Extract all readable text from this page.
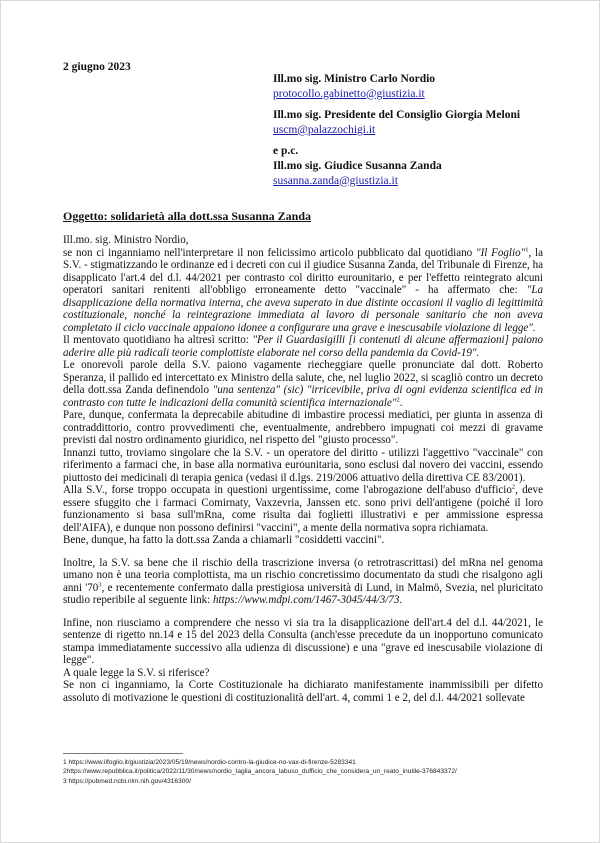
2 giugno 2023
Ill.mo sig. Ministro Carlo Nordio
protocollo.gabinetto@giustizia.it
Ill.mo sig. Presidente del Consiglio Giorgia Meloni
uscm@palazzochigi.it
e p.c.
Ill.mo sig. Giudice Susanna Zanda
susanna.zanda@giustizia.it
Oggetto: solidarietà alla dott.ssa Susanna Zanda

Ill.mo. sig. Ministro Nordio,

se non ci inganniamo nell'interpretare il non felicissimo articolo pubblicato dal quotidiano "Il Foglio"$^1$, la S.V. - stigmatizzando le ordinanze ed i decreti con cui il giudice Susanna Zanda, del Tribunale di Firenze, ha disapplicato l'art.4 del d.l. 44/2021 per contrasto col diritto eurounitario, e per l'effetto reintegrato alcuni operatori sanitari renitenti all'obbligo erroneamente detto "vaccinale" - ha affermato che: "La disapplicazione della normativa interna, che aveva superato in due distinte occasioni il vaglio di legittimità costituzionale, nonché la reintegrazione immediata al lavoro di personale sanitario che non aveva completato il ciclo vaccinale appaiono idonee a configurare una grave e inescusabile violazione di legge".

Il mentovato quotidiano ha altresì scritto: "Per il Guardasigilli [i contenuti di alcune affermazioni] paiono aderire alle più radicali teorie complottiste elaborate nel corso della pandemia da Covid-19".

Le onorevoli parole della S.V. paiono vagamente riecheggiare quelle pronunciate dal dott. Roberto Speranza, il pallido ed intercettato ex Ministro della salute, che, nel luglio 2022, si scagliò contro un decreto della dott.ssa Zanda definendolo "una sentenza" (sic) "irricevibile, priva di ogni evidenza scientifica ed in contrasto con tutte le indicazioni della comunità scientifica internazionale"$^2$.

Pare, dunque, confermata la deprecabile abitudine di imbastire processi mediatici, per giunta in assenza di contraddittorio, contro provvedimenti che, eventualmente, andrebbero impugnati coi mezzi di gravame previsti dal nostro ordinamento giuridico, nel rispetto del "giusto processo".

Innanzi tutto, troviamo singolare che la S.V. - un operatore del diritto - utilizzi l'aggettivo "vaccinale" con riferimento a farmaci che, in base alla normativa eurounitaria, sono esclusi dal novero dei vaccini, essendo piuttosto dei medicinali di terapia genica (vedasi il d.lgs. 219/2006 attuativo della direttiva CE 83/2001).

Alla S.V., forse troppo occupata in questioni urgentissime, come l'abrogazione dell'abuso d'ufficio$^2$, deve essere sfuggito che i farmaci Comirnaty, Vaxzevria, Janssen etc. sono privi dell'antigene (poiché il loro funzionamento si basa sull'mRna, come risulta dai foglietti illustrativi e per ammissione espressa dell'AIFA), e dunque non possono definirsi "vaccini", a mente della normativa sopra richiamata.

Bene, dunque, ha fatto la dott.ssa Zanda a chiamarli "cosiddetti vaccini".

Inoltre, la S.V. sa bene che il rischio della trascrizione inversa (o retrotrascrittasi) del mRna nel genoma umano non è una teoria complottista, ma un rischio concretissimo documentato da studi che risalgono agli anni '$70^3$, e recentemente confermato dalla prestigiosa università di Lund, in Malmö, Svezia, nel pluricitato studio reperibile al seguente link: https://www.mdpi.com/1467-3045/44/3/73.

Infine, non riusciamo a comprendere che nesso vi sia tra la disapplicazione dell'art.4 del d.l. 44/2021, le sentenze di rigetto nn.14 e 15 del 2023 della Consulta (anch'esse precedute da un inopportuno comunicato stampa immediatamente successivo alla udienza di discussione) e una "grave ed inescusabile violazione di legge".

A quale legge la S.V. si riferisce?

Se non ci inganniamo, la Corte Costituzionale ha dichiarato manifestamente inammissibili per difetto assoluto di motivazione le questioni di costituzionalità dell'art. 4, commi 1 e 2, del d.l. 44/2021 sollevate

1 https://www.ilfoglio.it/giustizia/2023/05/19/news/nordio-contro-la-giudice-no-vax-di-firenze-5283341
2https://www.repubblica.it/politica/2022/11/30/news/nordio_taglia_ancora_labuso_dufficio_che_considera_un_reato_inutile-376843372/
3 https://pubmed.ncbi.nlm.nih.gov/4316300/
